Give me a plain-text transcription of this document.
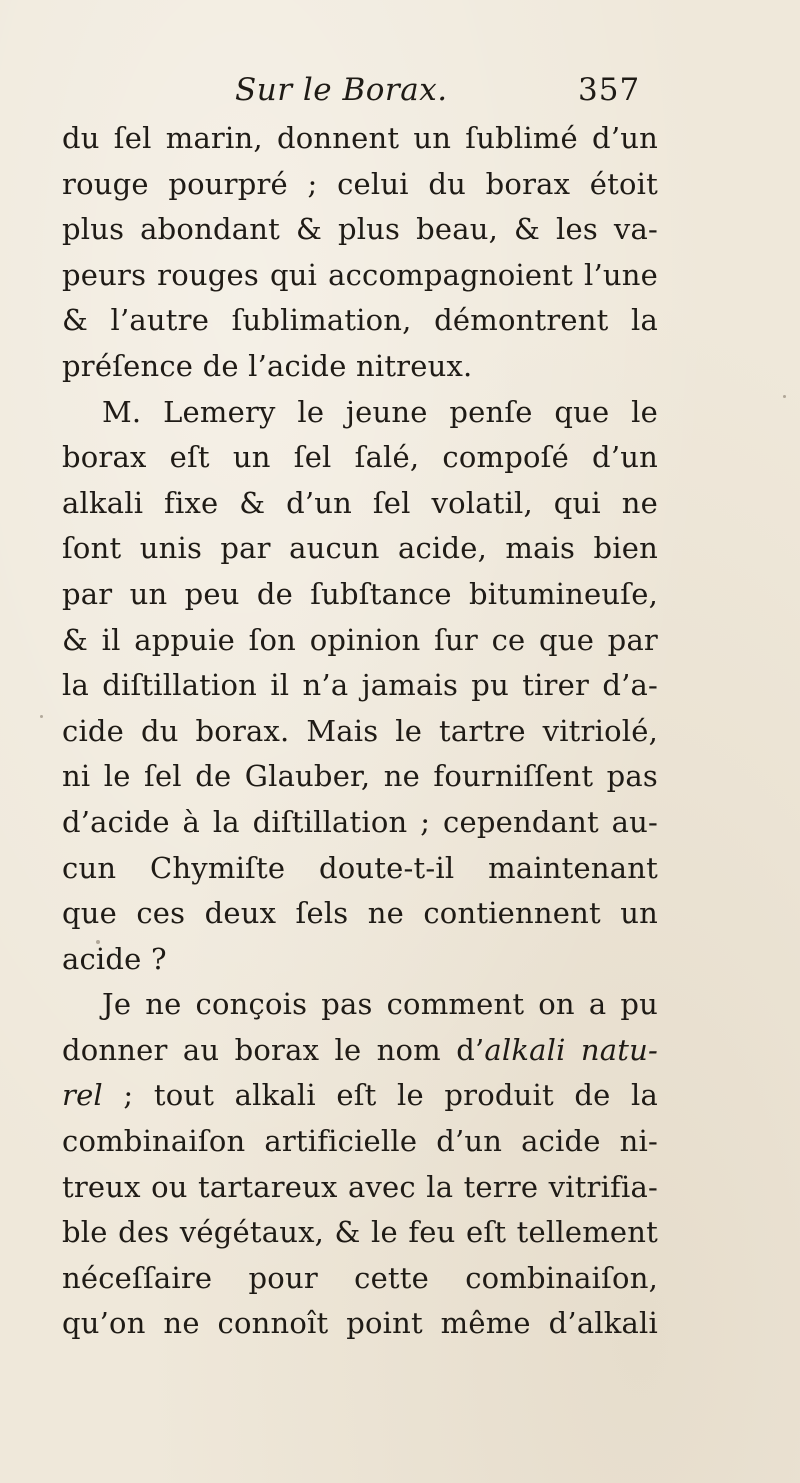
Sur le Borax.	357
du ſel marin, donnent un ſublimé d’un
rouge pourpré ; celui du borax étoit
plus abondant & plus beau, & les va-
peurs rouges qui accompagnoient l’une
& l’autre ſublimation, démontrent la
préſence de l’acide nitreux.
M. Lemery le jeune penſe que le
borax eſt un ſel ſalé, compoſé d’un
alkali fixe & d’un ſel volatil, qui ne
ſont unis par aucun acide, mais bien
par un peu de ſubſtance bitumineuſe,
& il appuie ſon opinion ſur ce que par
la diſtillation il n’a jamais pu tirer d’a-
cide du borax. Mais le tartre vitriolé,
ni le ſel de Glauber, ne fourniſſent pas
d’acide à la diſtillation ; cependant au-
cun Chymiſte doute-t-il maintenant
que ces deux ſels ne contiennent un
acide ?
Je ne conçois pas comment on a pu
donner au borax le nom d’alkali natu-
rel ; tout alkali eſt le produit de la
combinaiſon artificielle d’un acide ni-
treux ou tartareux avec la terre vitrifia-
ble des végétaux, & le feu eſt tellement
néceſſaire pour cette combinaiſon,
qu’on ne connoît point même d’alkali
